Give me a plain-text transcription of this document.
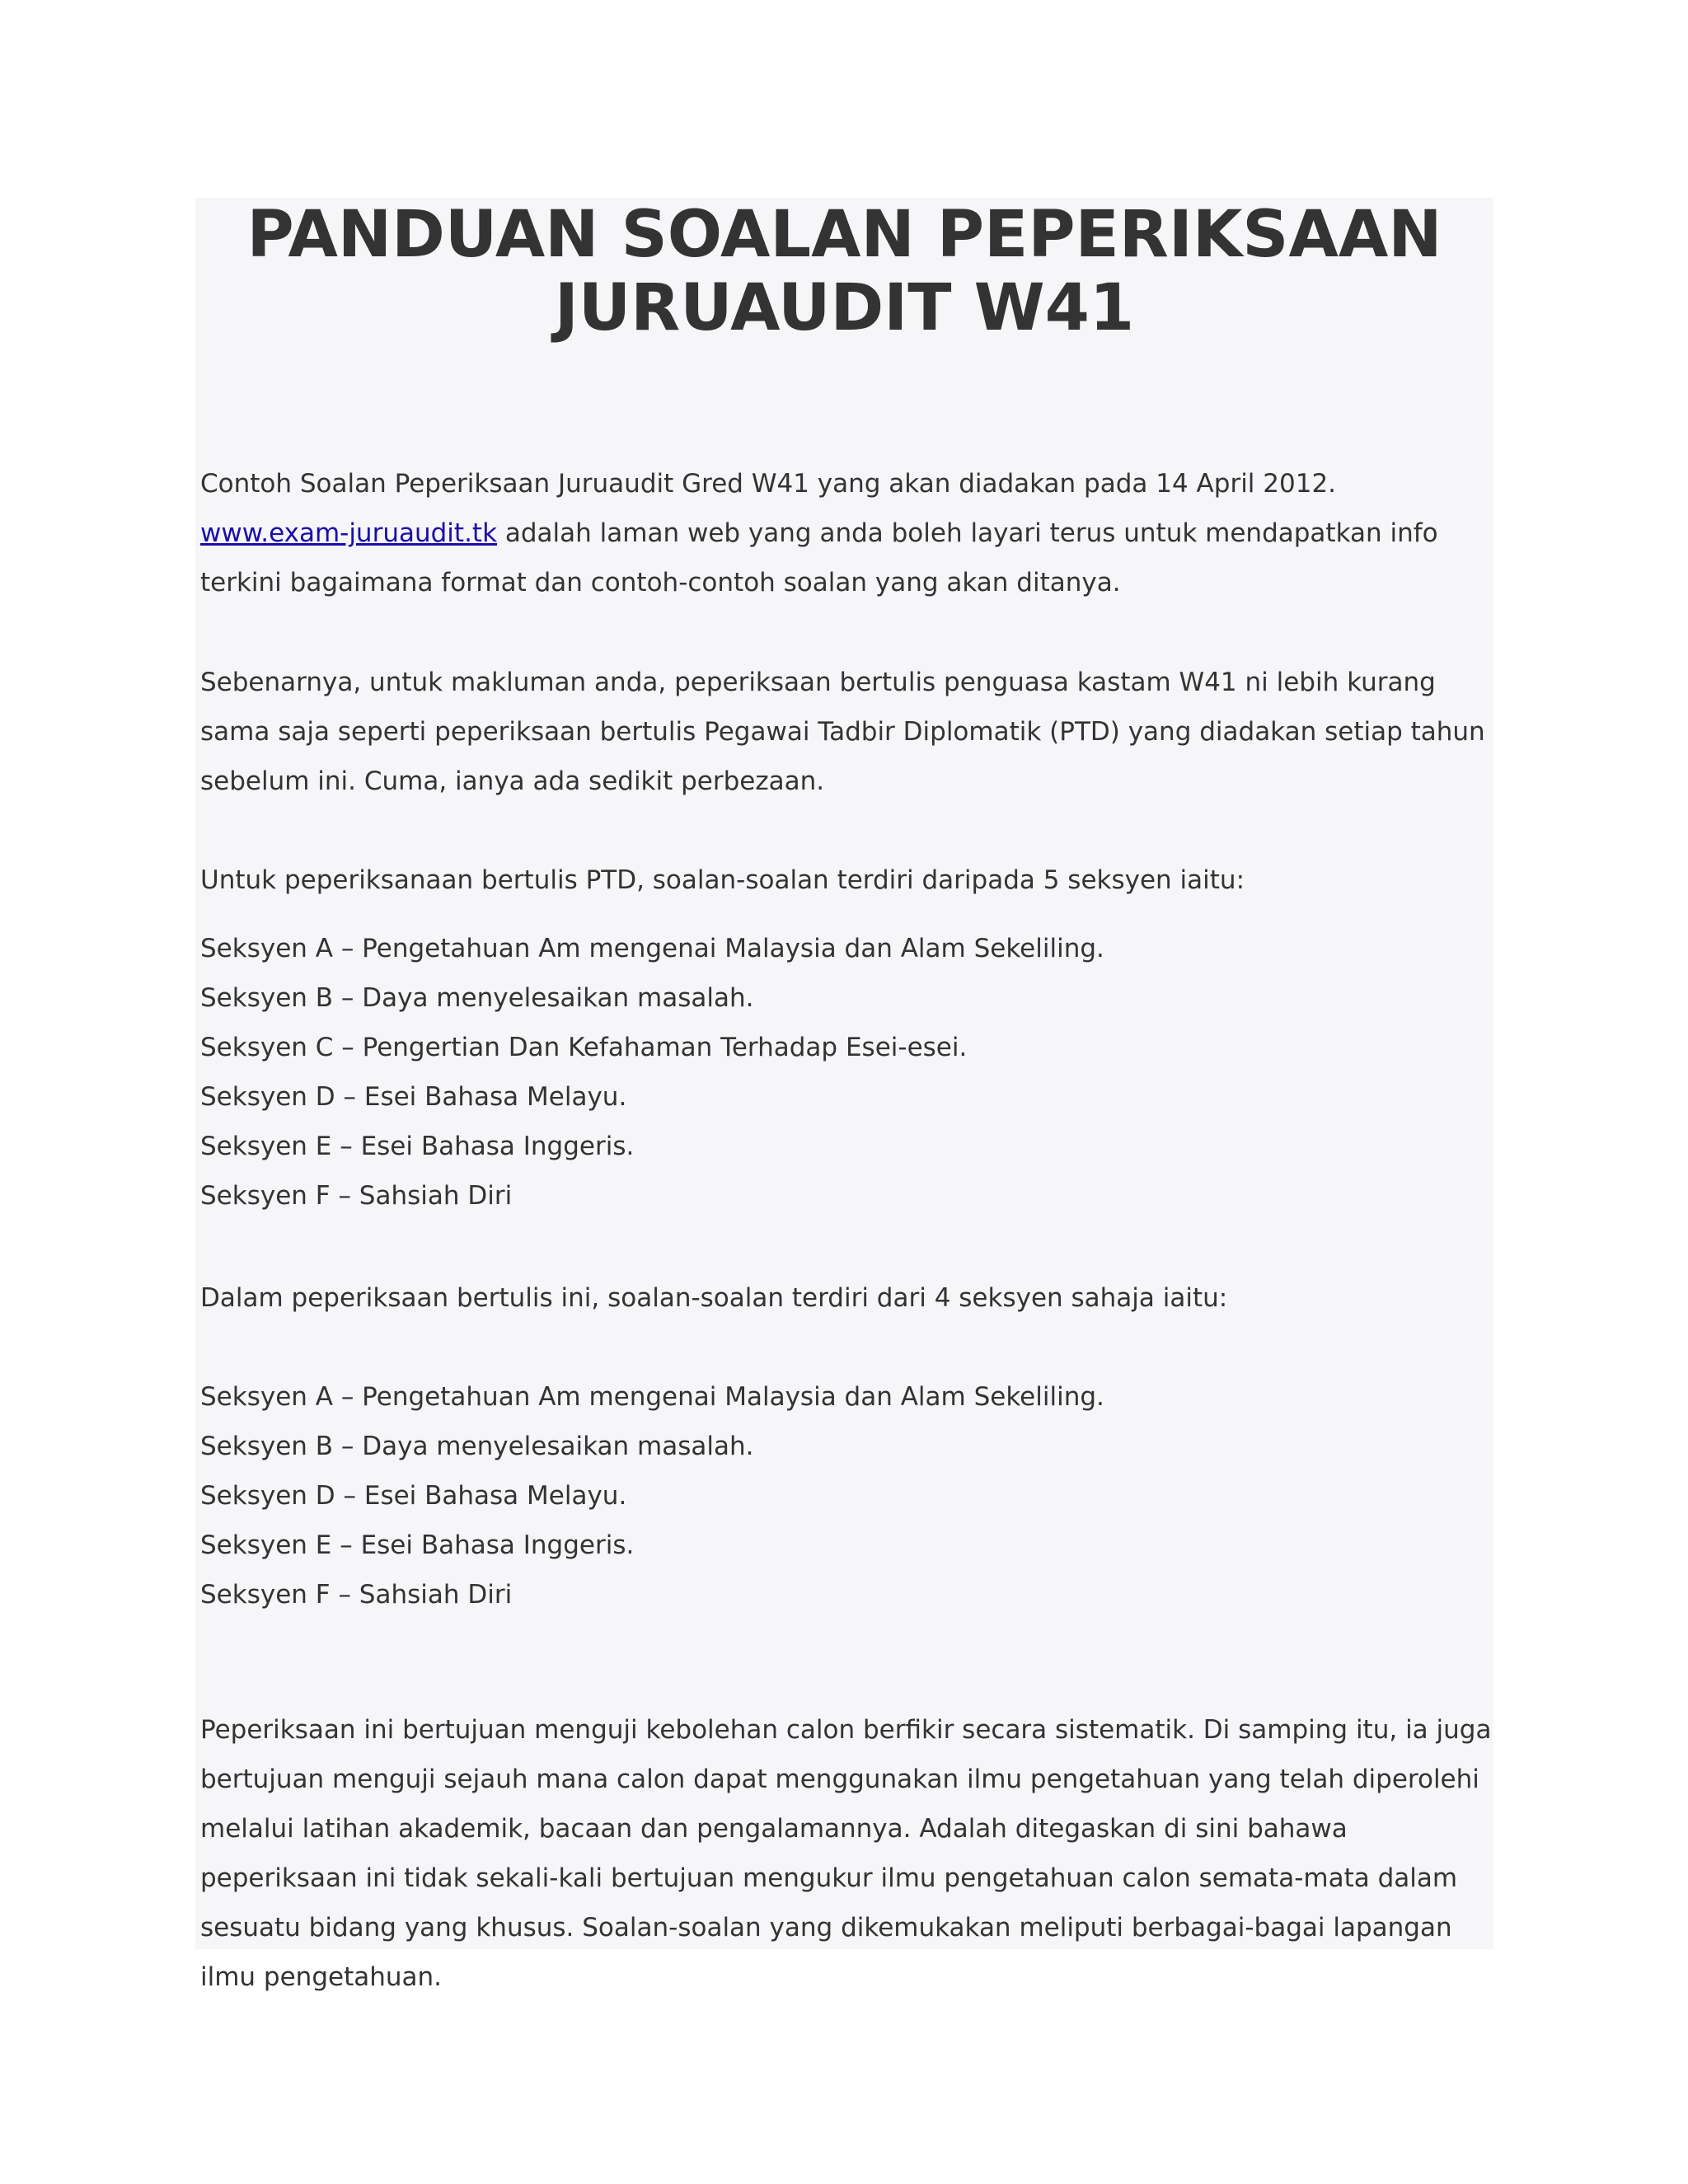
PANDUAN SOALAN PEPERIKSAAN JURUAUDIT W41

Contoh Soalan Peperiksaan Juruaudit Gred W41 yang akan diadakan pada 14 April 2012.
www.exam-juruaudit.tk adalah laman web yang anda boleh layari terus untuk mendapatkan info terkini bagaimana format dan contoh-contoh soalan yang akan ditanya.

Sebenarnya, untuk makluman anda, peperiksaan bertulis penguasa kastam W41 ni lebih kurang sama saja seperti peperiksaan bertulis Pegawai Tadbir Diplomatik (PTD) yang diadakan setiap tahun sebelum ini. Cuma, ianya ada sedikit perbezaan.

Untuk peperiksanaan bertulis PTD, soalan-soalan terdiri daripada 5 seksyen iaitu:

Seksyen A – Pengetahuan Am mengenai Malaysia dan Alam Sekeliling.
Seksyen B – Daya menyelesaikan masalah.
Seksyen C – Pengertian Dan Kefahaman Terhadap Esei-esei.
Seksyen D – Esei Bahasa Melayu.
Seksyen E – Esei Bahasa Inggeris.
Seksyen F – Sahsiah Diri

Dalam peperiksaan bertulis ini, soalan-soalan terdiri dari 4 seksyen sahaja iaitu:

Seksyen A – Pengetahuan Am mengenai Malaysia dan Alam Sekeliling.
Seksyen B – Daya menyelesaikan masalah.
Seksyen D – Esei Bahasa Melayu.
Seksyen E – Esei Bahasa Inggeris.
Seksyen F – Sahsiah Diri

Peperiksaan ini bertujuan menguji kebolehan calon berfikir secara sistematik. Di samping itu, ia juga bertujuan menguji sejauh mana calon dapat menggunakan ilmu pengetahuan yang telah diperolehi melalui latihan akademik, bacaan dan pengalamannya. Adalah ditegaskan di sini bahawa peperiksaan ini tidak sekali-kali bertujuan mengukur ilmu pengetahuan calon semata-mata dalam sesuatu bidang yang khusus. Soalan-soalan yang dikemukakan meliputi berbagai-bagai lapangan ilmu pengetahuan.
